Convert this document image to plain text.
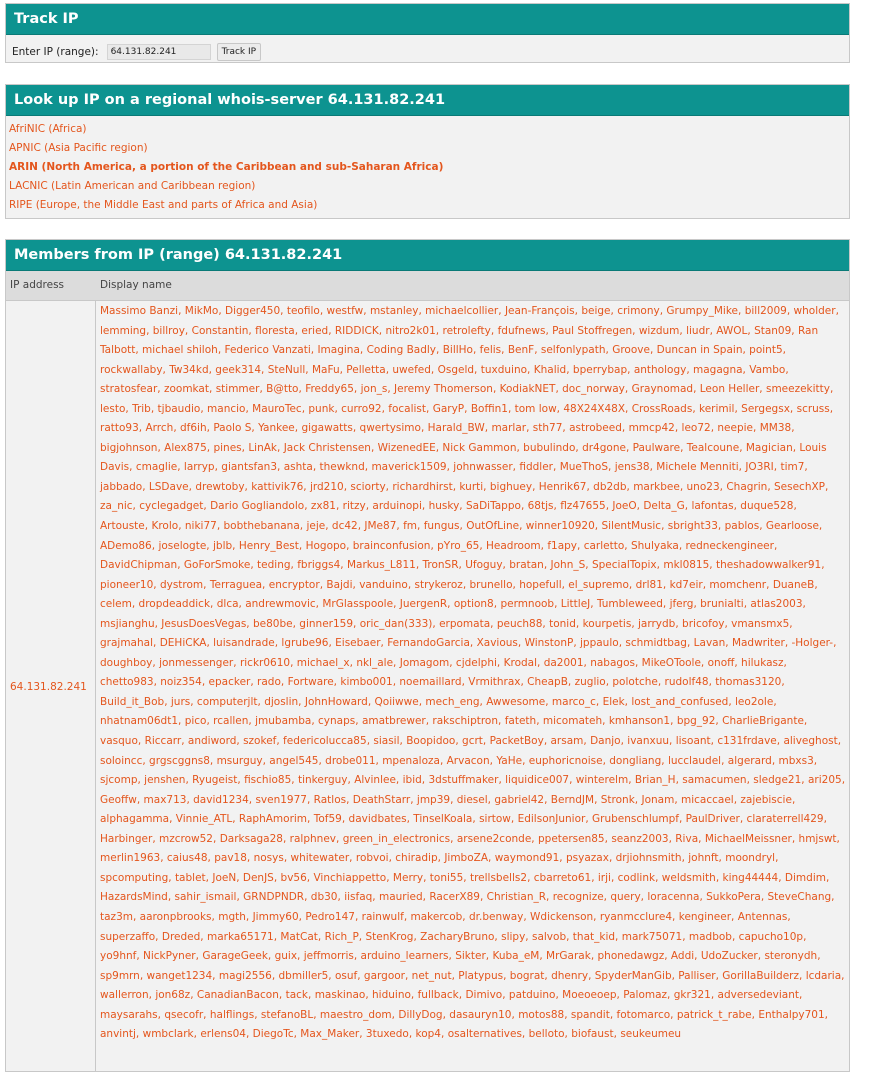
Track IP
Enter IP (range):
64.131.82.241	Track IP
Look up IP on a regional whois-server 64.131.82.241
AfriNIC (Africa)
APNIC (Asia Pacific region)
ARIN (North America, a portion of the Caribbean and sub-Saharan Africa)
LACNIC (Latin American and Caribbean region)
RIPE (Europe, the Middle East and parts of Africa and Asia)
Members from IP (range) 64.131.82.241
IP address	Display name
64.131.82.241
Massimo Banzi, MikMo, Digger450, teofilo, westfw, mstanley, michaelcollier, Jean-François, beige, crimony, Grumpy_Mike, bill2009, wholder, lemming, billroy, Constantin, floresta, eried, RIDDICK, nitro2k01, retrolefty, fdufnews, Paul Stoffregen, wizdum, liudr, AWOL, Stan09, Ran Talbott, michael shiloh, Federico Vanzati, Imagina, Coding Badly, BillHo, felis, BenF, selfonlypath, Groove, Duncan in Spain, point5, rockwallaby, Tw34kd, geek314, SteNull, MaFu, Pelletta, uwefed, Osgeld, tuxduino, Khalid, bperrybap, anthology, magagna, Vambo, stratosfear, zoomkat, stimmer, B@tto, Freddy65, jon_s, Jeremy Thomerson, KodiakNET, doc_norway, Graynomad, Leon Heller, smeezekitty, lesto, Trib, tjbaudio, mancio, MauroTec, punk, curro92, focalist, GaryP, Boffin1, tom low, 48X24X48X, CrossRoads, kerimil, Sergegsx, scruss, ratto93, Arrch, df6ih, Paolo S, Yankee, gigawatts, qwertysimo, Harald_BW, marlar, sth77, astrobeed, mmcp42, leo72, neepie, MM38, bigjohnson, Alex875, pines, LinAk, Jack Christensen, WizenedEE, Nick Gammon, bubulindo, dr4gone, Paulware, Tealcoune, Magician, Louis Davis, cmaglie, larryp, giantsfan3, ashta, thewknd, maverick1509, johnwasser, fiddler, MueThoS, jens38, Michele Menniti, JO3RI, tim7, jabbado, LSDave, drewtoby, kattivik76, jrd210, sciorty, richardhirst, kurti, bighuey, Henrik67, db2db, markbee, uno23, Chagrin, SesechXP, za_nic, cyclegadget, Dario Gogliandolo, zx81, ritzy, arduinopi, husky, SaDiTappo, 68tjs, flz47655, JoeO, Delta_G, lafontas, duque528, Artouste, Krolo, niki77, bobthebanana, jeje, dc42, JMe87, fm, fungus, OutOfLine, winner10920, SilentMusic, sbright33, pablos, Gearloose, ADemo86, joselogte, jblb, Henry_Best, Hogopo, brainconfusion, pYro_65, Headroom, f1apy, carletto, Shulyaka, redneckengineer, DavidChipman, GoForSmoke, teding, fbriggs4, Markus_L811, TronSR, Ufoguy, bratan, John_S, SpecialTopix, mkl0815, theshadowwalker91, pioneer10, dystrom, Terraguea, encryptor, Bajdi, vanduino, strykeroz, brunello, hopefull, el_supremo, drl81, kd7eir, momchenr, DuaneB, celem, dropdeaddick, dlca, andrewmovic, MrGlasspoole, JuergenR, option8, permnoob, LittleJ, Tumbleweed, jferg, brunialti, atlas2003, msjianghu, JesusDoesVegas, be80be, ginner159, oric_dan(333), erpomata, peuch88, tonid, kourpetis, jarrydb, bricofoy, vmansmx5, grajmahal, DEHiCKA, luisandrade, lgrube96, Eisebaer, FernandoGarcia, Xavious, WinstonP, jppaulo, schmidtbag, Lavan, Madwriter, -Holger-, doughboy, jonmessenger, rickr0610, michael_x, nkl_ale, Jomagom, cjdelphi, Krodal, da2001, nabagos, MikeOToole, onoff, hilukasz, chetto983, noiz354, epacker, rado, Fortware, kimbo001, noemaillard, Vrmithrax, CheapB, zuglio, polotche, rudolf48, thomas3120, Build_it_Bob, jurs, computerjlt, djoslin, JohnHoward, Qoiiwwe, mech_eng, Awwesome, marco_c, Elek, lost_and_confused, leo2ole, nhatnam06dt1, pico, rcallen, jmubamba, cynaps, amatbrewer, rakschiptron, fateth, micomateh, kmhanson1, bpg_92, CharlieBrigante, vasquo, Riccarr, andiword, szokef, federicolucca85, siasil, Boopidoo, gcrt, PacketBoy, arsam, Danjo, ivanxuu, lisoant, c131frdave, aliveghost, soloincc, grgscggns8, msurguy, angel545, drobe011, mpenaloza, Arvacon, YaHe, euphoricnoise, dongliang, lucclaudel, algerard, mbxs3, sjcomp, jenshen, Ryugeist, fischio85, tinkerguy, Alvinlee, ibid, 3dstuffmaker, liquidice007, winterelm, Brian_H, samacumen, sledge21, ari205, Geoffw, max713, david1234, sven1977, Ratlos, DeathStarr, jmp39, diesel, gabriel42, BerndJM, Stronk, Jonam, micaccael, zajebiscie, alphagamma, Vinnie_ATL, RaphAmorim, Tof59, davidbates, TinselKoala, sirtow, EdilsonJunior, Grubenschlumpf, PaulDriver, claraterrell429, Harbinger, mzcrow52, Darksaga28, ralphnev, green_in_electronics, arsene2conde, ppetersen85, seanz2003, Riva, MichaelMeissner, hmjswt, merlin1963, caius48, pav18, nosys, whitewater, robvoi, chiradip, JimboZA, waymond91, psyazax, drjiohnsmith, johnft, moondryl, spcomputing, tablet, JoeN, DenJS, bv56, Vinchiappetto, Merry, toni55, trellsbells2, cbarreto61, irji, codlink, weldsmith, king44444, Dimdim, HazardsMind, sahir_ismail, GRNDPNDR, db30, iisfaq, mauried, RacerX89, Christian_R, recognize, query, loracenna, SukkoPera, SteveChang, taz3m, aaronpbrooks, mgth, Jimmy60, Pedro147, rainwulf, makercob, dr.benway, Wdickenson, ryanmcclure4, kengineer, Antennas, superzaffo, Dreded, marka65171, MatCat, Rich_P, StenKrog, ZacharyBruno, slipy, salvob, that_kid, mark75071, madbob, capucho10p, yo9hnf, NickPyner, GarageGeek, guix, jeffmorris, arduino_learners, Sikter, Kuba_eM, MrGarak, phonedawgz, Addi, UdoZucker, steronydh, sp9mrn, wanget1234, magi2556, dbmiller5, osuf, gargoor, net_nut, Platypus, bograt, dhenry, SpyderManGib, Palliser, GorillaBuilderz, lcdaria, wallerron, jon68z, CanadianBacon, tack, maskinao, hiduino, fullback, Dimivo, patduino, Moeoeoep, Palomaz, gkr321, adversedeviant, maysarahs, qsecofr, halflings, stefanoBL, maestro_dom, DillyDog, dasauryn10, motos88, spandit, fotomarco, patrick_t_rabe, Enthalpy701, anvintj, wmbclark, erlens04, DiegoTc, Max_Maker, 3tuxedo, kop4, osalternatives, belloto, biofaust, seukeumeu
